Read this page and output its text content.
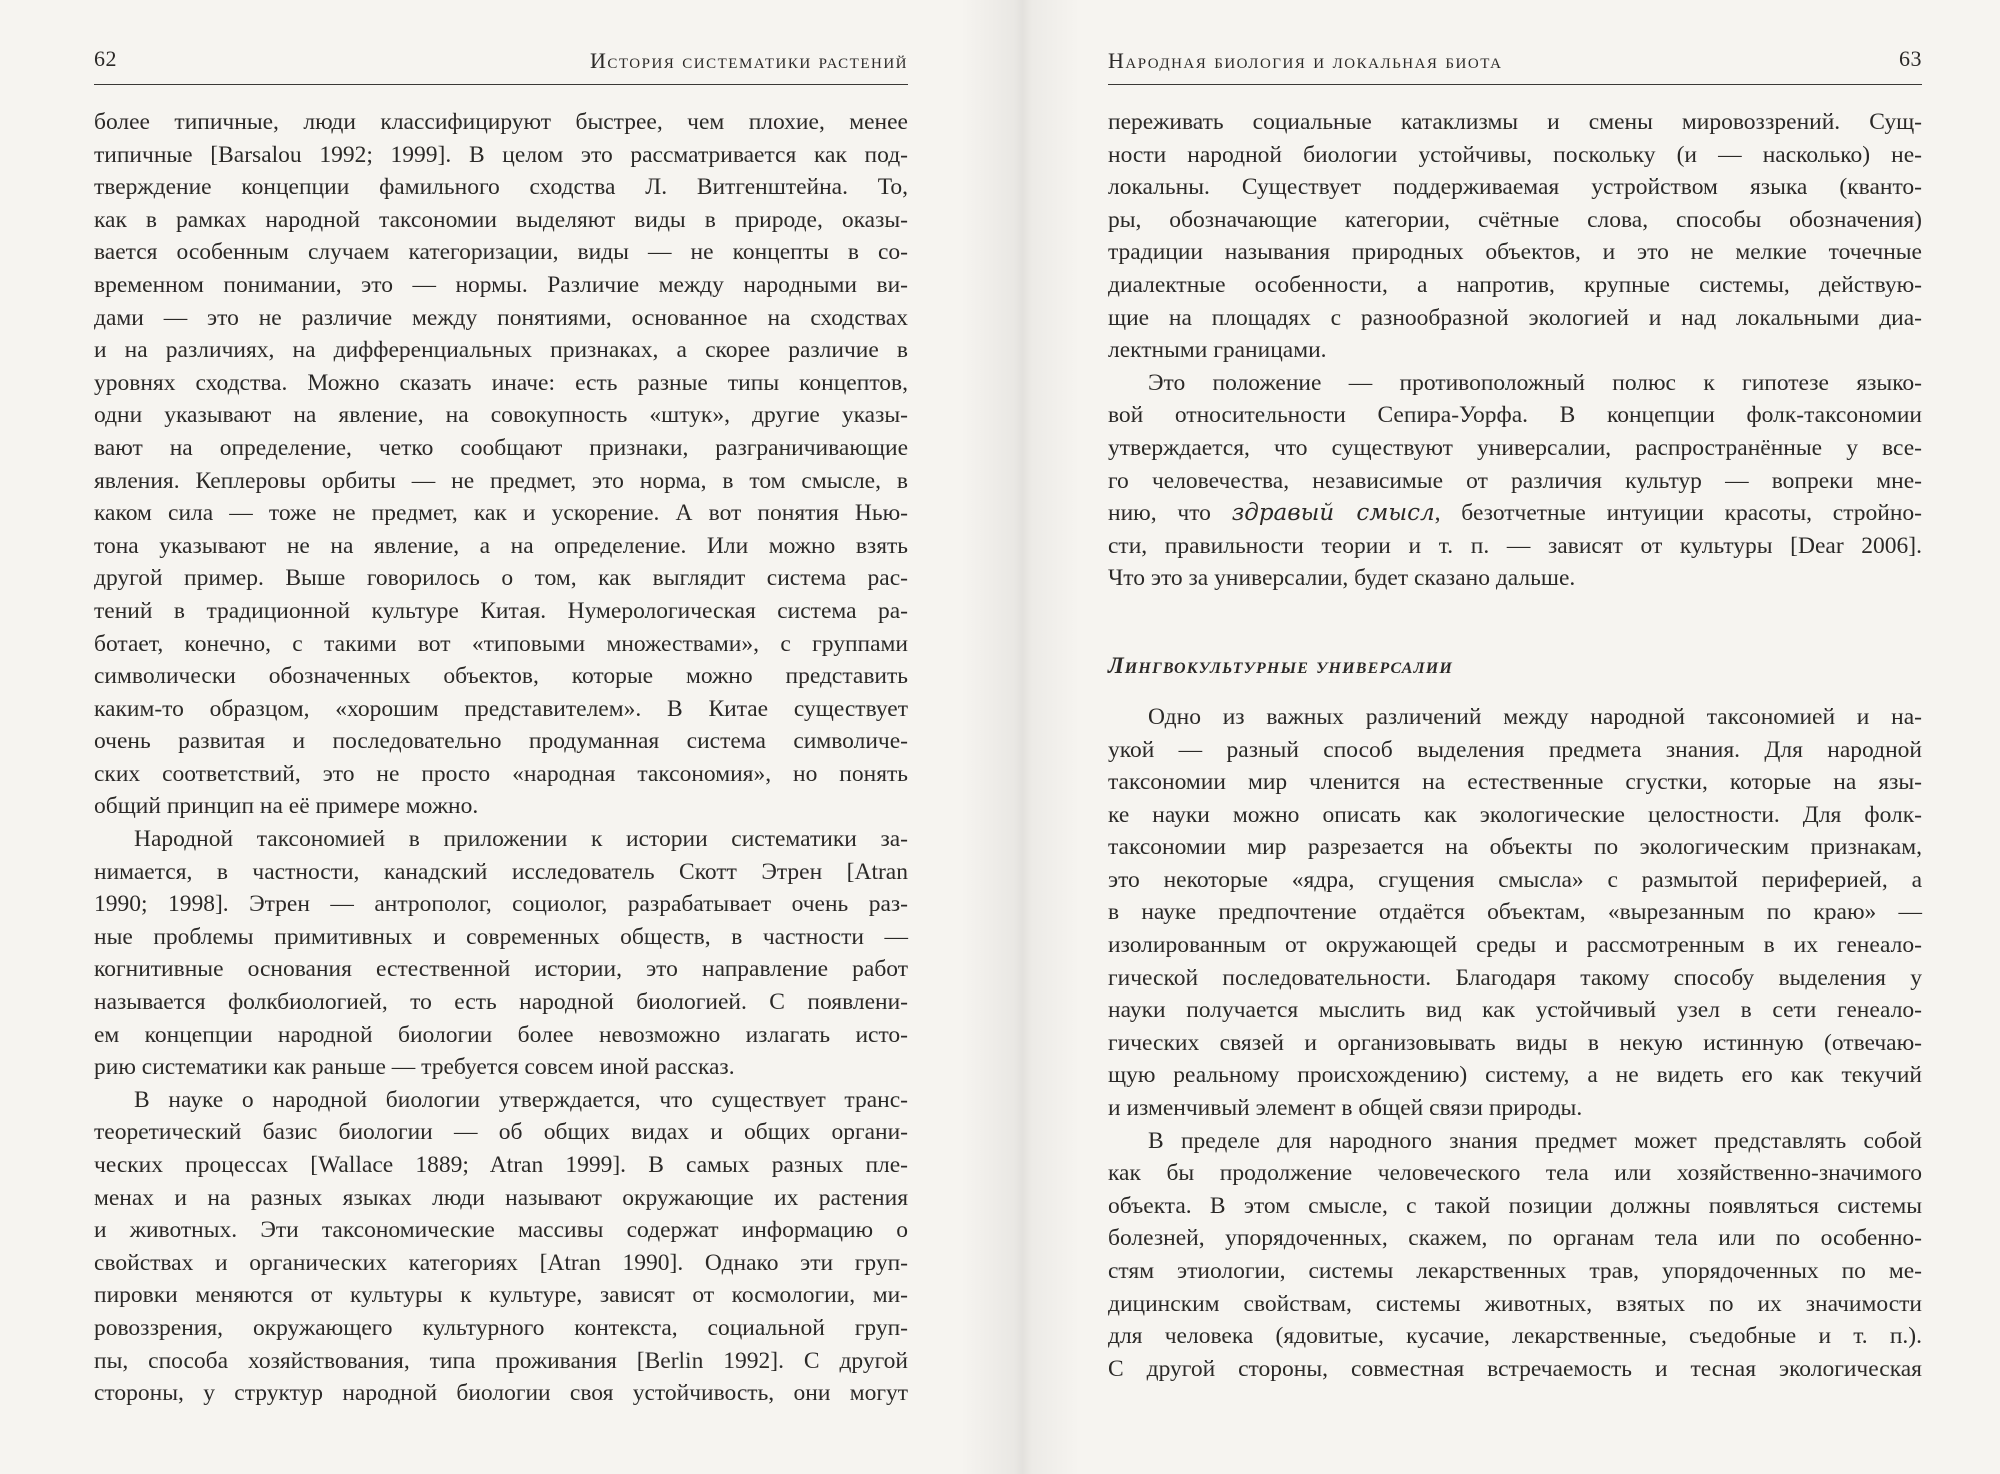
62	История систематики растений
более типичные, люди классифицируют быстрее, чем плохие, менее
типичные [Barsalou 1992; 1999]. В целом это рассматривается как под-
тверждение концепции фамильного сходства Л. Витгенштейна. То,
как в рамках народной таксономии выделяют виды в природе, оказы-
вается особенным случаем категоризации, виды — не концепты в со-
временном понимании, это — нормы. Различие между народными ви-
дами — это не различие между понятиями, основанное на сходствах
и на различиях, на дифференциальных признаках, а скорее различие в
уровнях сходства. Можно сказать иначе: есть разные типы концептов,
одни указывают на явление, на совокупность «штук», другие указы-
вают на определение, четко сообщают признаки, разграничивающие
явления. Кеплеровы орбиты — не предмет, это норма, в том смысле, в
каком сила — тоже не предмет, как и ускорение. А вот понятия Нью-
тона указывают не на явление, а на определение. Или можно взять
другой пример. Выше говорилось о том, как выглядит система рас-
тений в традиционной культуре Китая. Нумерологическая система ра-
ботает, конечно, с такими вот «типовыми множествами», с группами
символически обозначенных объектов, которые можно представить
каким-то образцом, «хорошим представителем». В Китае существует
очень развитая и последовательно продуманная система символиче-
ских соответствий, это не просто «народная таксономия», но понять
общий принцип на её примере можно.
Народной таксономией в приложении к истории систематики за-
нимается, в частности, канадский исследователь Скотт Этрен [Atran
1990; 1998]. Этрен — антрополог, социолог, разрабатывает очень раз-
ные проблемы примитивных и современных обществ, в частности —
когнитивные основания естественной истории, это направление работ
называется фолкбиологией, то есть народной биологией. С появлени-
ем концепции народной биологии более невозможно излагать исто-
рию систематики как раньше — требуется совсем иной рассказ.
В науке о народной биологии утверждается, что существует транс-
теоретический базис биологии — об общих видах и общих органи-
ческих процессах [Wallace 1889; Atran 1999]. В самых разных пле-
менах и на разных языках люди называют окружающие их растения
и животных. Эти таксономические массивы содержат информацию о
свойствах и органических категориях [Atran 1990]. Однако эти груп-
пировки меняются от культуры к культуре, зависят от космологии, ми-
ровоззрения, окружающего культурного контекста, социальной груп-
пы, способа хозяйствования, типа проживания [Berlin 1992]. С другой
стороны, у структур народной биологии своя устойчивость, они могут
Народная биология и локальная биота	63
переживать социальные катаклизмы и смены мировоззрений. Сущ-
ности народной биологии устойчивы, поскольку (и — насколько) не-
локальны. Существует поддерживаемая устройством языка (кванто-
ры, обозначающие категории, счётные слова, способы обозначения)
традиции называния природных объектов, и это не мелкие точечные
диалектные особенности, а напротив, крупные системы, действую-
щие на площадях с разнообразной экологией и над локальными диа-
лектными границами.
Это положение — противоположный полюс к гипотезе языко-
вой относительности Сепира-Уорфа. В концепции фолк-таксономии
утверждается, что существуют универсалии, распространённые у все-
го человечества, независимые от различия культур — вопреки мне-
нию, что здравый смысл, безотчетные интуиции красоты, стройно-
сти, правильности теории и т. п. — зависят от культуры [Dear 2006].
Что это за универсалии, будет сказано дальше.
Лингвокультурные универсалии
Одно из важных различений между народной таксономией и на-
укой — разный способ выделения предмета знания. Для народной
таксономии мир членится на естественные сгустки, которые на язы-
ке науки можно описать как экологические целостности. Для фолк-
таксономии мир разрезается на объекты по экологическим признакам,
это некоторые «ядра, сгущения смысла» с размытой периферией, а
в науке предпочтение отдаётся объектам, «вырезанным по краю» —
изолированным от окружающей среды и рассмотренным в их генеало-
гической последовательности. Благодаря такому способу выделения у
науки получается мыслить вид как устойчивый узел в сети генеало-
гических связей и организовывать виды в некую истинную (отвечаю-
щую реальному происхождению) систему, а не видеть его как текучий
и изменчивый элемент в общей связи природы.
В пределе для народного знания предмет может представлять собой
как бы продолжение человеческого тела или хозяйственно-значимого
объекта. В этом смысле, с такой позиции должны появляться системы
болезней, упорядоченных, скажем, по органам тела или по особенно-
стям этиологии, системы лекарственных трав, упорядоченных по ме-
дицинским свойствам, системы животных, взятых по их значимости
для человека (ядовитые, кусачие, лекарственные, съедобные и т. п.).
С другой стороны, совместная встречаемость и тесная экологическая
